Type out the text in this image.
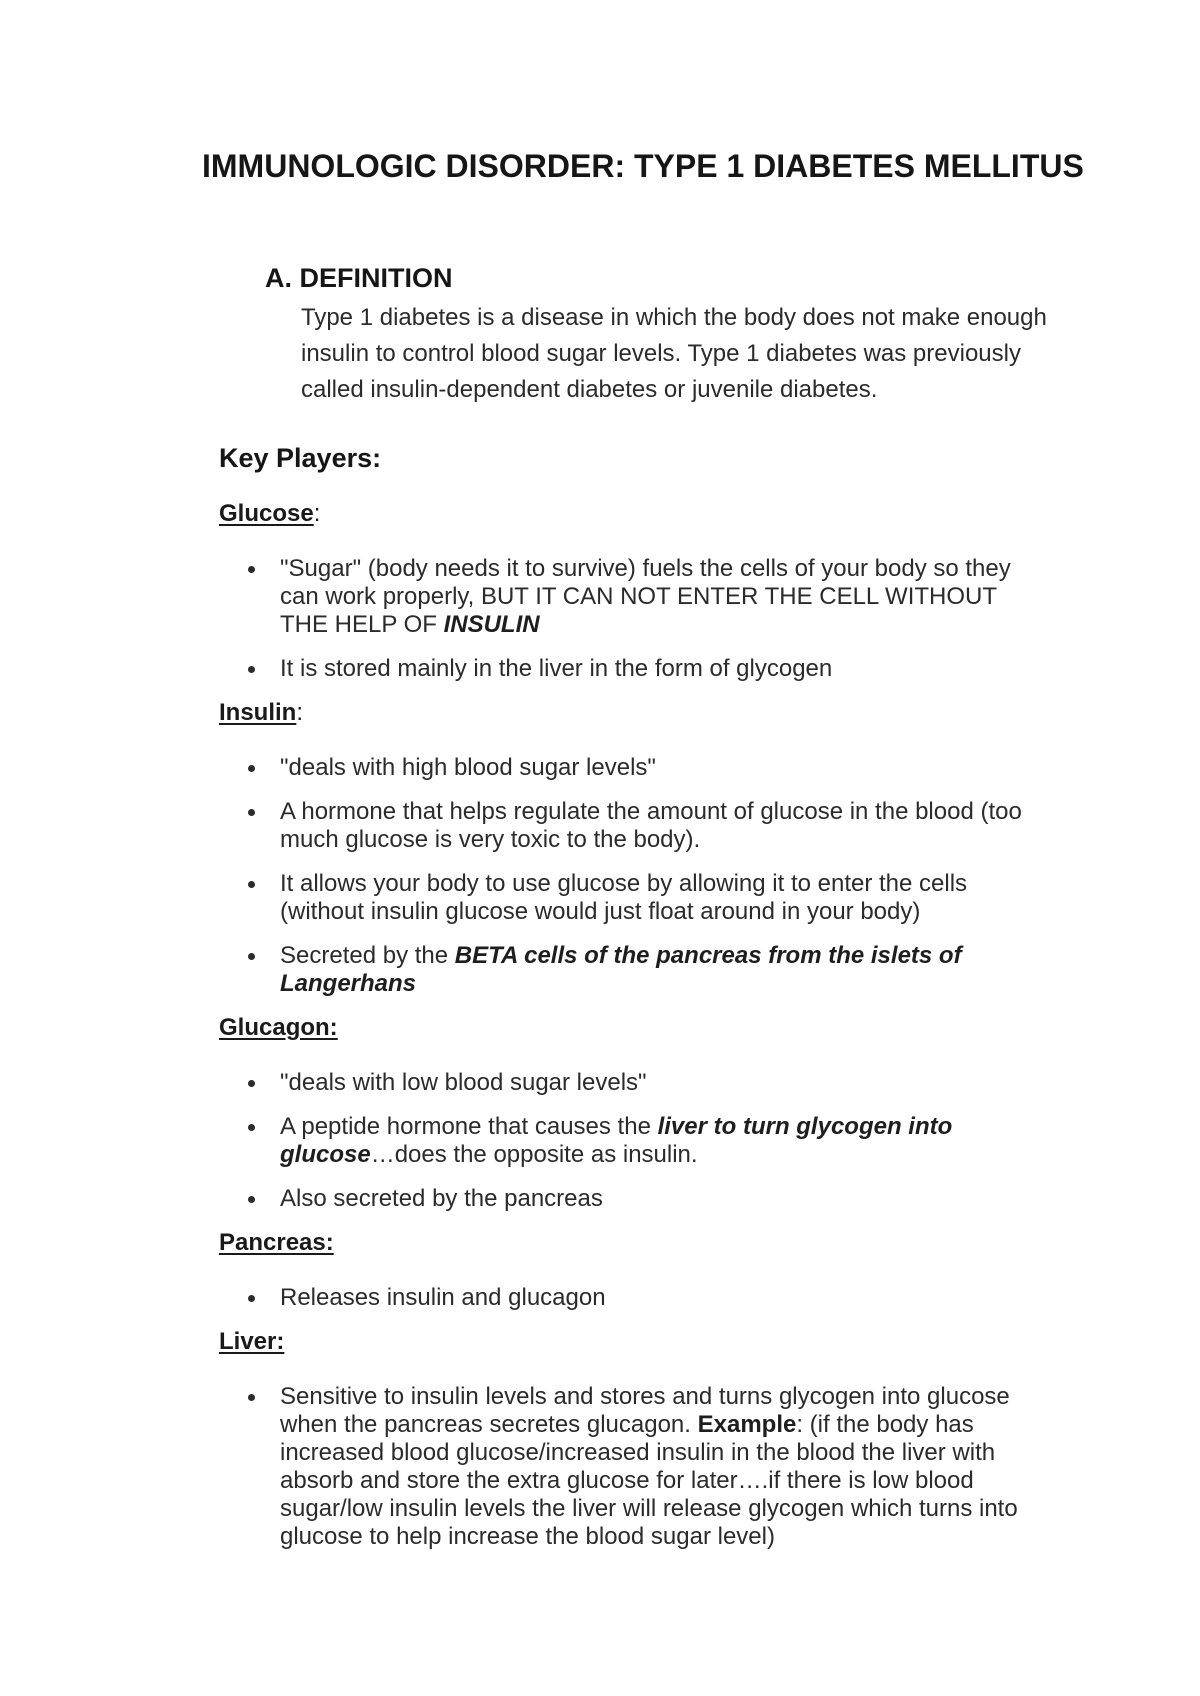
IMMUNOLOGIC DISORDER: TYPE 1 DIABETES MELLITUS
A. DEFINITION

Type 1 diabetes is a disease in which the body does not make enough insulin to control blood sugar levels. Type 1 diabetes was previously called insulin-dependent diabetes or juvenile diabetes.

Key Players:
Glucose:
"Sugar" (body needs it to survive) fuels the cells of your body so they
can work properly, BUT IT CAN NOT ENTER THE CELL WITHOUT
THE HELP OF INSULIN
It is stored mainly in the liver in the form of glycogen
Insulin:
"deals with high blood sugar levels"
A hormone that helps regulate the amount of glucose in the blood (too
much glucose is very toxic to the body).
It allows your body to use glucose by allowing it to enter the cells
(without insulin glucose would just float around in your body)
Secreted by the BETA cells of the pancreas from the islets of
Langerhans
Glucagon:
"deals with low blood sugar levels"
A peptide hormone that causes the liver to turn glycogen into
glucose…does the opposite as insulin.
Also secreted by the pancreas
Pancreas:
Releases insulin and glucagon
Liver:
Sensitive to insulin levels and stores and turns glycogen into glucose
when the pancreas secretes glucagon. Example: (if the body has
increased blood glucose/increased insulin in the blood the liver with
absorb and store the extra glucose for later….if there is low blood
sugar/low insulin levels the liver will release glycogen which turns into
glucose to help increase the blood sugar level)
